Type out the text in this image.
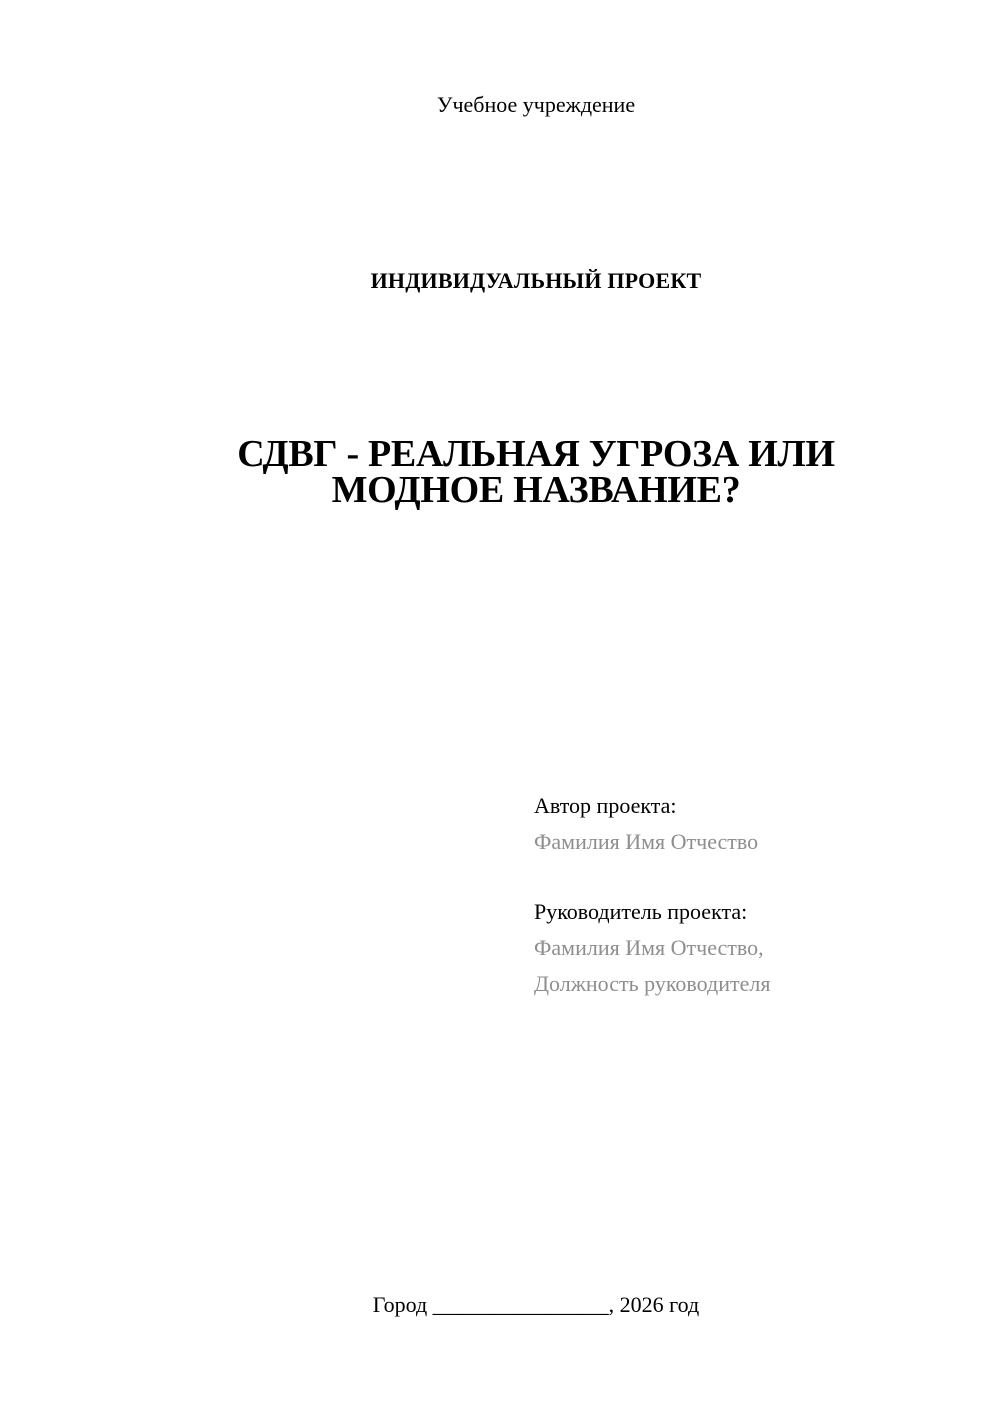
Учебное учреждение
ИНДИВИДУАЛЬНЫЙ ПРОЕКТ
СДВГ - РЕАЛЬНАЯ УГРОЗА ИЛИ
МОДНОЕ НАЗВАНИЕ?
Автор проекта:
Фамилия Имя Отчество
Руководитель проекта:
Фамилия Имя Отчество,
Должность руководителя
Город ________________, 2026 год
